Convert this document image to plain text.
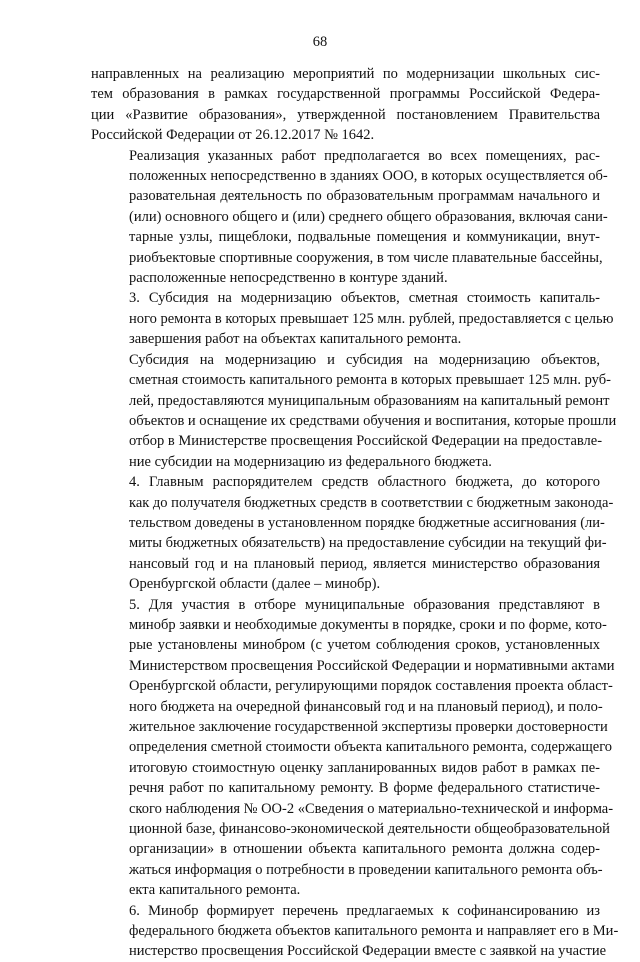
68

направленных на реализацию мероприятий по модернизации школьных сис-
тем образования в рамках государственной программы Российской Федера-
ции «Развитие образования», утвержденной постановлением Правительства
Российской Федерации от 26.12.2017 № 1642.

Реализация указанных работ предполагается во всех помещениях, рас-
положенных непосредственно в зданиях ООО, в которых осуществляется об-
разовательная деятельность по образовательным программам начального и
(или) основного общего и (или) среднего общего образования, включая сани-
тарные узлы, пищеблоки, подвальные помещения и коммуникации, внут-
риобъектовые спортивные сооружения, в том числе плавательные бассейны,
расположенные непосредственно в контуре зданий.

3. Субсидия на модернизацию объектов, сметная стоимость капиталь-
ного ремонта в которых превышает 125 млн. рублей, предоставляется с целью
завершения работ на объектах капитального ремонта.

Субсидия на модернизацию и субсидия на модернизацию объектов,
сметная стоимость капитального ремонта в которых превышает 125 млн. руб-
лей, предоставляются муниципальным образованиям на капитальный ремонт
объектов и оснащение их средствами обучения и воспитания, которые прошли
отбор в Министерстве просвещения Российской Федерации на предоставле-
ние субсидии на модернизацию из федерального бюджета.

4. Главным распорядителем средств областного бюджета, до которого
как до получателя бюджетных средств в соответствии с бюджетным законода-
тельством доведены в установленном порядке бюджетные ассигнования (ли-
миты бюджетных обязательств) на предоставление субсидии на текущий фи-
нансовый год и на плановый период, является министерство образования
Оренбургской области (далее – минобр).

5. Для участия в отборе муниципальные образования представляют в
минобр заявки и необходимые документы в порядке, сроки и по форме, кото-
рые установлены минобром (с учетом соблюдения сроков, установленных
Министерством просвещения Российской Федерации и нормативными актами
Оренбургской области, регулирующими порядок составления проекта област-
ного бюджета на очередной финансовый год и на плановый период), и поло-
жительное заключение государственной экспертизы проверки достоверности
определения сметной стоимости объекта капитального ремонта, содержащего
итоговую стоимостную оценку запланированных видов работ в рамках пе-
речня работ по капитальному ремонту. В форме федерального статистиче-
ского наблюдения № ОО-2 «Сведения о материально-технической и информа-
ционной базе, финансово-экономической деятельности общеобразовательной
организации» в отношении объекта капитального ремонта должна содер-
жаться информация о потребности в проведении капитального ремонта объ-
екта капитального ремонта.

6. Минобр формирует перечень предлагаемых к софинансированию из
федерального бюджета объектов капитального ремонта и направляет его в Ми-
нистерство просвещения Российской Федерации вместе с заявкой на участие
